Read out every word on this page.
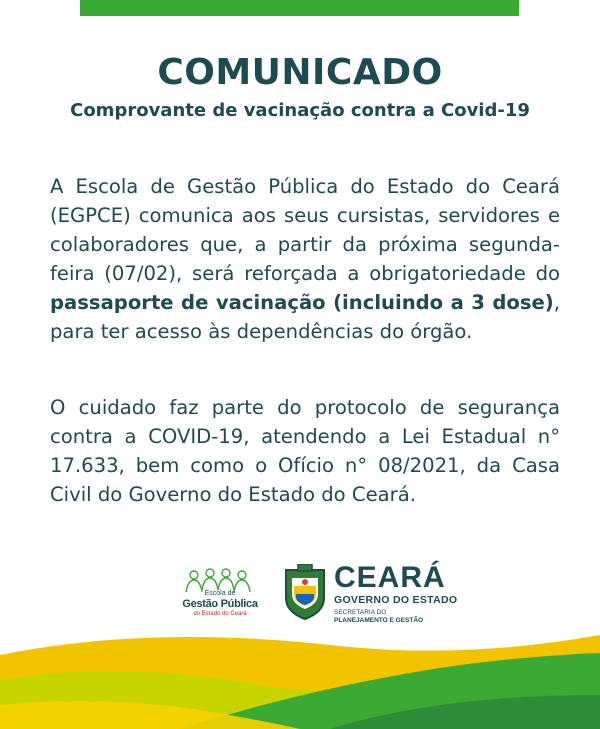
COMUNICADO
Comprovante de vacinação contra a Covid-19

A Escola de Gestão Pública do Estado do Ceará (EGPCE) comunica aos seus cursistas, servidores e colaboradores que, a partir da próxima segunda-feira (07/02), será reforçada a obrigatoriedade do passaporte de vacinação (incluindo a 3 dose), para ter acesso às dependências do órgão.

O cuidado faz parte do protocolo de segurança contra a COVID-19, atendendo a Lei Estadual n° 17.633, bem como o Ofício n° 08/2021, da Casa Civil do Governo do Estado do Ceará.

Escola de
Gestão Pública
do Estado do Ceará
CEARÁ
GOVERNO DO ESTADO
SECRETARIA DO
PLANEJAMENTO E GESTÃO
